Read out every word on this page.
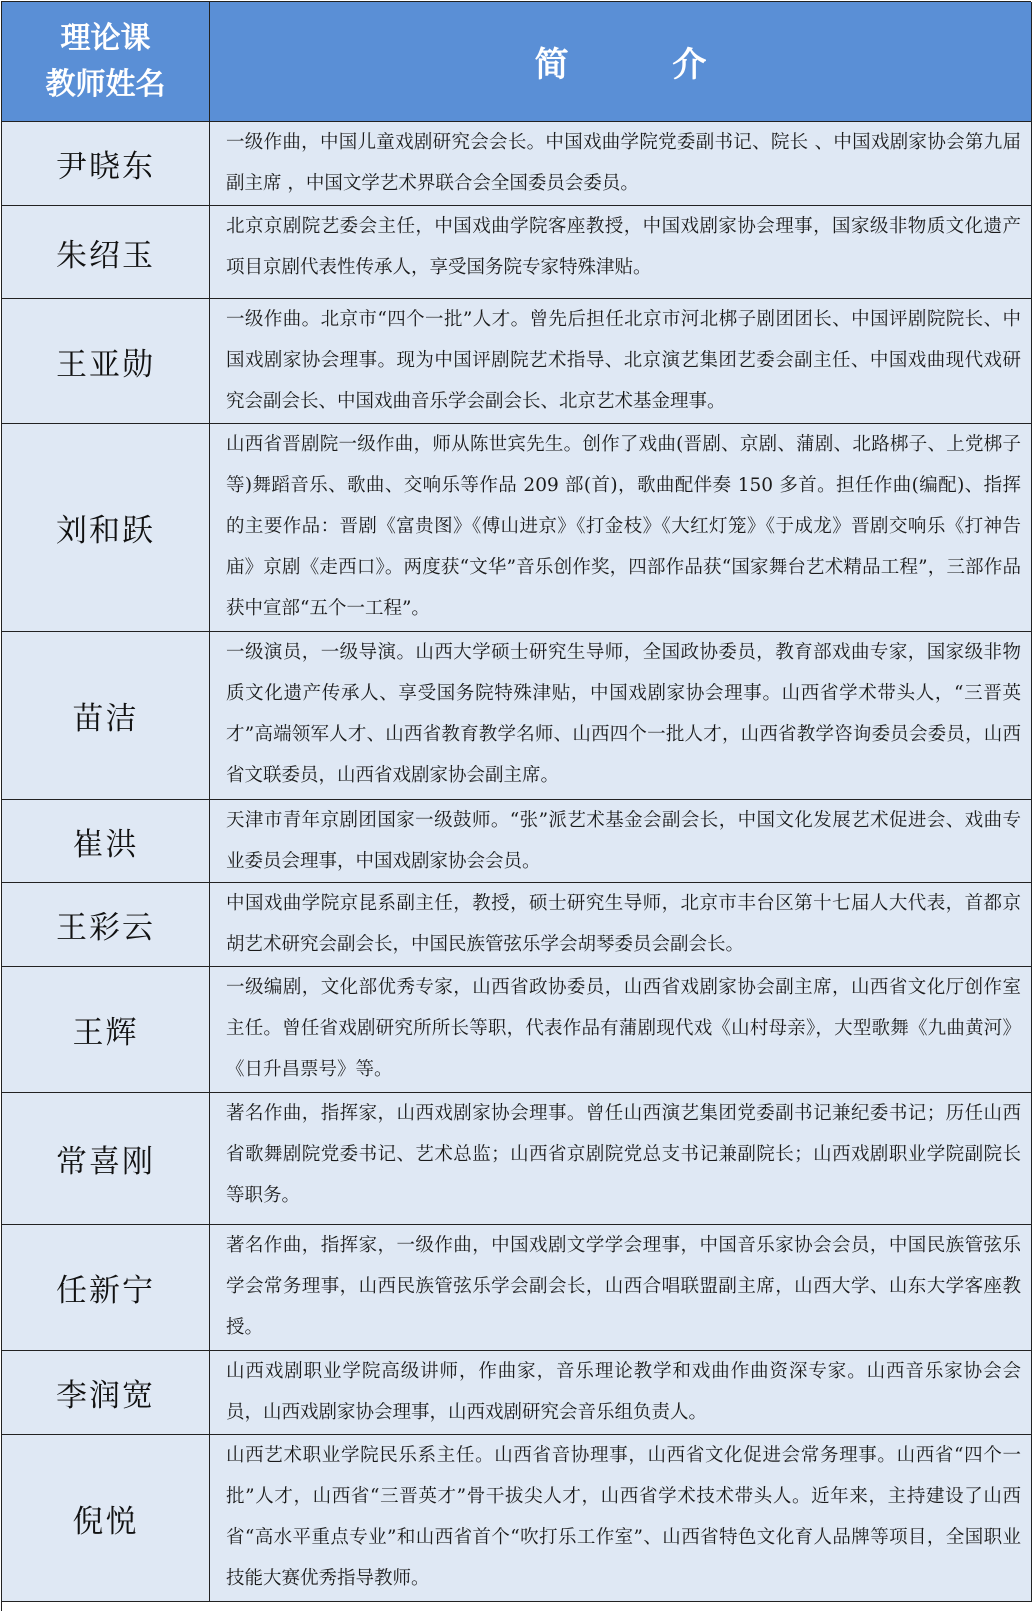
理论课
教师姓名	简 介
尹晓东
一级作曲，中国儿童戏剧研究会会长。中国戏曲学院党委副书记、院长 、中国戏剧家协会第九届副主席 ，中国文学艺术界联合会全国委员会委员。
朱绍玉
北京京剧院艺委会主任，中国戏曲学院客座教授，中国戏剧家协会理事，国家级非物质文化遗产项目京剧代表性传承人，享受国务院专家特殊津贴。
王亚勋
一级作曲。北京市“四个一批”人才。曾先后担任北京市河北梆子剧团团长、中国评剧院院长、中国戏剧家协会理事。现为中国评剧院艺术指导、北京演艺集团艺委会副主任、中国戏曲现代戏研究会副会长、中国戏曲音乐学会副会长、北京艺术基金理事。
刘和跃
山西省晋剧院一级作曲，师从陈世宾先生。创作了戏曲(晋剧、京剧、蒲剧、北路梆子、上党梆子等)舞蹈音乐、歌曲、交响乐等作品 209 部(首)，歌曲配伴奏 150 多首。担任作曲(编配)、指挥的主要作品：晋剧《富贵图》《傅山进京》《打金枝》《大红灯笼》《于成龙》晋剧交响乐《打神告庙》京剧《走西口》。两度获“文华”音乐创作奖，四部作品获“国家舞台艺术精品工程”，三部作品获中宣部“五个一工程”。
苗洁
一级演员，一级导演。山西大学硕士研究生导师，全国政协委员，教育部戏曲专家，国家级非物质文化遗产传承人、享受国务院特殊津贴，中国戏剧家协会理事。山西省学术带头人，“三晋英才”高端领军人才、山西省教育教学名师、山西四个一批人才，山西省教学咨询委员会委员，山西省文联委员，山西省戏剧家协会副主席。
崔洪
天津市青年京剧团国家一级鼓师。“张”派艺术基金会副会长，中国文化发展艺术促进会、戏曲专业委员会理事，中国戏剧家协会会员。
王彩云
中国戏曲学院京昆系副主任，教授，硕士研究生导师，北京市丰台区第十七届人大代表，首都京胡艺术研究会副会长，中国民族管弦乐学会胡琴委员会副会长。
王辉
一级编剧，文化部优秀专家，山西省政协委员，山西省戏剧家协会副主席，山西省文化厅创作室主任。曾任省戏剧研究所所长等职，代表作品有蒲剧现代戏《山村母亲》，大型歌舞《九曲黄河》《日升昌票号》等。
常喜刚
著名作曲，指挥家，山西戏剧家协会理事。曾任山西演艺集团党委副书记兼纪委书记；历任山西省歌舞剧院党委书记、艺术总监；山西省京剧院党总支书记兼副院长；山西戏剧职业学院副院长等职务。
任新宁
著名作曲，指挥家，一级作曲，中国戏剧文学学会理事，中国音乐家协会会员，中国民族管弦乐学会常务理事，山西民族管弦乐学会副会长，山西合唱联盟副主席，山西大学、山东大学客座教授。
李润宽
山西戏剧职业学院高级讲师，作曲家，音乐理论教学和戏曲作曲资深专家。山西音乐家协会会员，山西戏剧家协会理事，山西戏剧研究会音乐组负责人。
倪悦
山西艺术职业学院民乐系主任。山西省音协理事，山西省文化促进会常务理事。山西省“四个一批”人才，山西省“三晋英才”骨干拔尖人才，山西省学术技术带头人。近年来，主持建设了山西省“高水平重点专业”和山西省首个“吹打乐工作室”、山西省特色文化育人品牌等项目，全国职业技能大赛优秀指导教师。
